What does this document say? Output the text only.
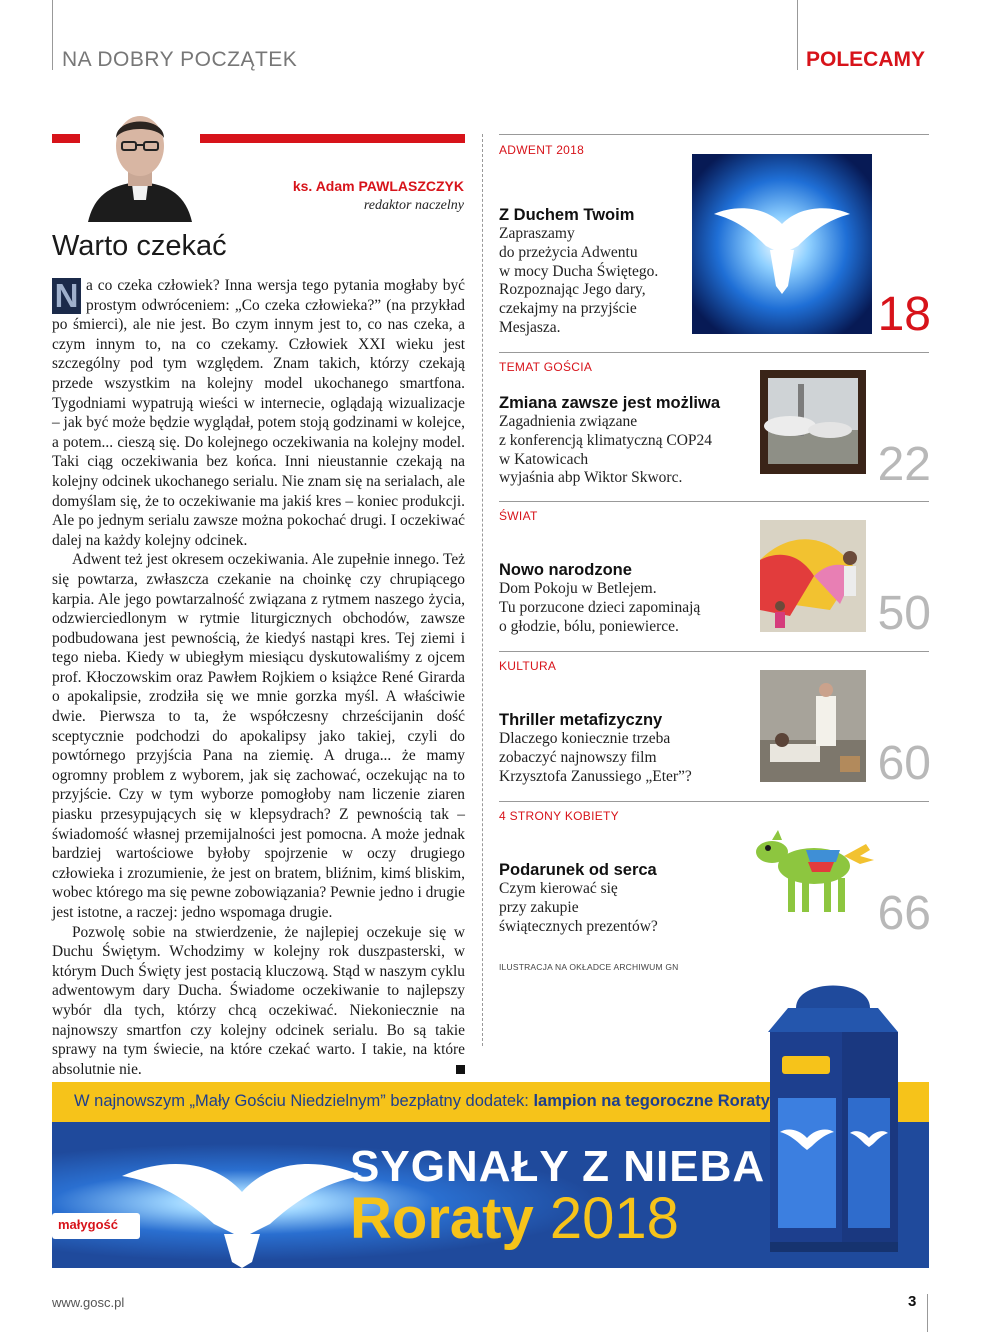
NA DOBRY POCZĄTEK	POLECAMY
ks. Adam PAWLASZCZYK
redaktor naczelny
Warto czekać

N a co czeka człowiek? Inna wersja tego pytania mogłaby być prostym odwróceniem: „Co czeka człowieka?” (na przykład po śmierci), ale nie jest. Bo czym innym jest to, co nas czeka, a czym innym to, na co czekamy. Człowiek XXI wieku jest szczególny pod tym względem. Znam takich, którzy czekają przede wszystkim na kolejny model ukochanego smartfona. Tygodniami wypatrują wieści w internecie, oglądają wizualizacje – jak być może będzie wyglądał, potem stoją godzinami w kolejce, a potem... cieszą się. Do kolejnego oczekiwania na kolejny model. Taki ciąg oczekiwania bez końca. Inni nieustannie czekają na kolejny odcinek ukochanego serialu. Nie znam się na serialach, ale domyślam się, że to oczekiwanie ma jakiś kres – koniec produkcji. Ale po jednym serialu zawsze można pokochać drugi. I oczekiwać dalej na każdy kolejny odcinek.

Adwent też jest okresem oczekiwania. Ale zupełnie innego. Też się powtarza, zwłaszcza czekanie na choinkę czy chrupiącego karpia. Ale jego powtarzalność związana z rytmem naszego życia, odzwierciedlonym w rytmie liturgicznych obchodów, zawsze podbudowana jest pewnością, że kiedyś nastąpi kres. Tej ziemi i tego nieba. Kiedy w ubiegłym miesiącu dyskutowaliśmy z ojcem prof. Kłoczowskim oraz Pawłem Rojkiem o książce René Girarda o apokalipsie, zrodziła się we mnie gorzka myśl. A właściwie dwie. Pierwsza to ta, że współczesny chrześcijanin dość sceptycznie podchodzi do apokalipsy jako takiej, czyli do powtórnego przyjścia Pana na ziemię. A druga... że mamy ogromny problem z wyborem, jak się zachować, oczekując na to przyjście. Czy w tym wyborze pomogłoby nam liczenie ziaren piasku przesypujących się w klepsydrach? Z pewnością tak – świadomość własnej przemijalności jest pomocna. A może jednak bardziej wartościowe byłoby spojrzenie w oczy drugiego człowieka i zrozumienie, że jest on bratem, bliźnim, kimś bliskim, wobec którego ma się pewne zobowiązania? Pewnie jedno i drugie jest istotne, a raczej: jedno wspomaga drugie.

Pozwolę sobie na stwierdzenie, że najlepiej oczekuje się w Duchu Świętym. Wchodzimy w kolejny rok duszpasterski, w którym Duch Święty jest postacią kluczową. Stąd w naszym cyklu adwentowym dary Ducha. Świadome oczekiwanie to najlepszy wybór dla tych, którzy chcą oczekiwać. Niekoniecznie na najnowszy smartfon czy kolejny odcinek serialu. Bo są takie sprawy na tym świecie, na które czekać warto. I takie, na które absolutnie nie.

ADWENT 2018
18
Z Duchem Twoim
Zapraszamy
do przeżycia Adwentu
w mocy Ducha Świętego.
Rozpoznając Jego dary,
czekajmy na przyjście
Mesjasza.
TEMAT GOŚCIA
22
Zmiana zawsze jest możliwa
Zagadnienia związane
z konferencją klimatyczną COP24
w Katowicach
wyjaśnia abp Wiktor Skworc.
ŚWIAT
50
Nowo narodzone
Dom Pokoju w Betlejem.
Tu porzucone dzieci zapominają
o głodzie, bólu, poniewierce.
KULTURA
60
Thriller metafizyczny
Dlaczego koniecznie trzeba
zobaczyć najnowszy film
Krzysztofa Zanussiego „Eter”?
4 STRONY KOBIETY
66
Podarunek od serca
Czym kierować się
przy zakupie
świątecznych prezentów?
ILUSTRACJA NA OKŁADCE ARCHIWUM GN
W najnowszym „Mały Gościu Niedzielnym” bezpłatny dodatek: lampion na tegoroczne Roraty
SYGNAŁY Z NIEBA
Roraty 2018
małygość
www.gosc.pl	3
